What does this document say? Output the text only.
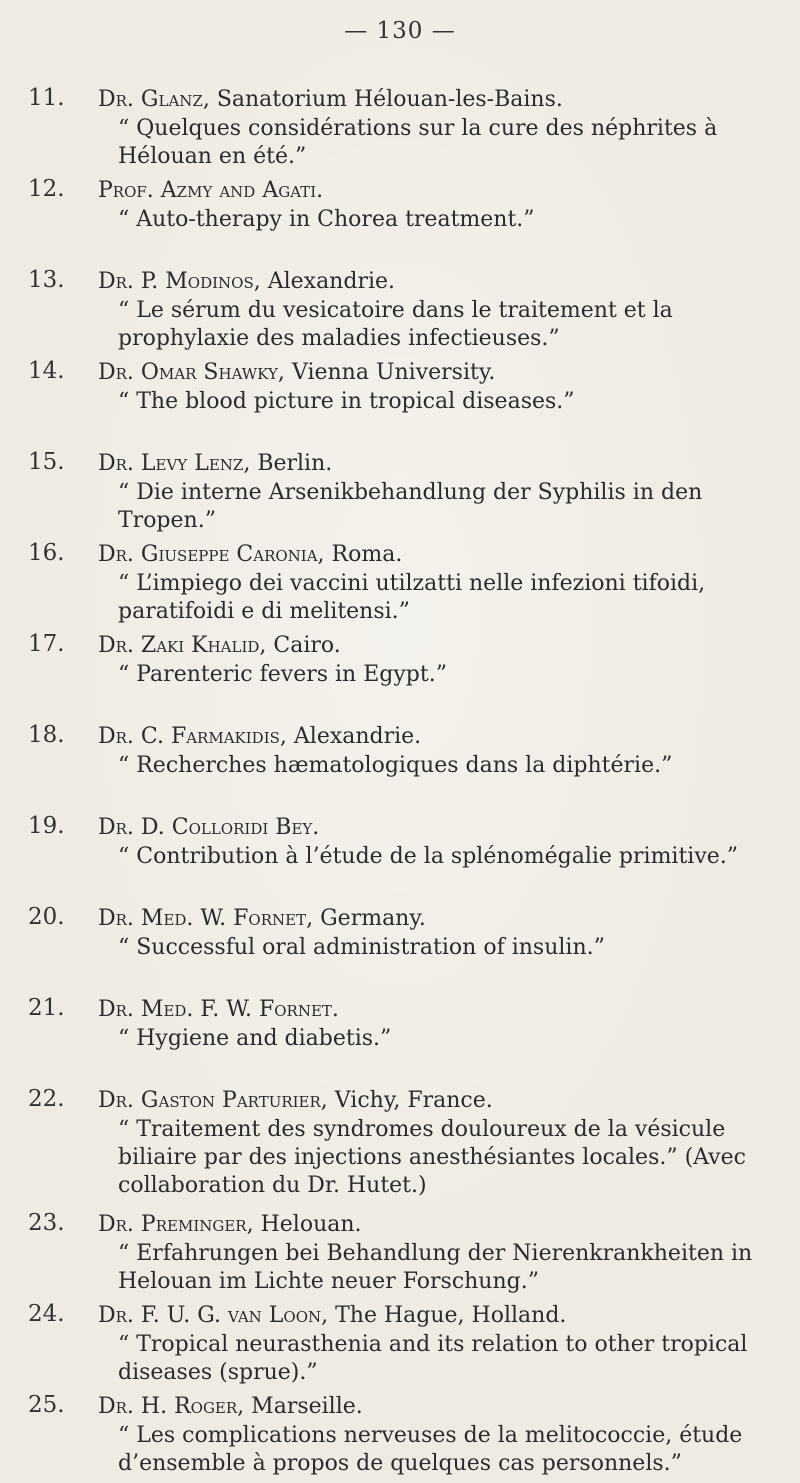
— 130 —
11. Dr. Glanz, Sanatorium Hélouan-les-Bains.
“ Quelques considérations sur la cure des néphrites à Hélouan en été.”
12. Prof. Azmy and Agati.
“ Auto-therapy in Chorea treatment.”
13. Dr. P. Modinos, Alexandrie.
“ Le sérum du vesicatoire dans le traitement et la prophylaxie des maladies infectieuses.”
14. Dr. Omar Shawky, Vienna University.
“ The blood picture in tropical diseases.”
15. Dr. Levy Lenz, Berlin.
“ Die interne Arsenikbehandlung der Syphilis in den Tropen.”
16. Dr. Giuseppe Caronia, Roma.
“ L’impiego dei vaccini utilzatti nelle infezioni tifoidi, paratifoidi e di melitensi.”
17. Dr. Zaki Khalid, Cairo.
“ Parenteric fevers in Egypt.”
18. Dr. C. Farmakidis, Alexandrie.
“ Recherches hæmatologiques dans la diphtérie.”
19. Dr. D. Colloridi Bey.
“ Contribution à l’étude de la splénomégalie primitive.”
20. Dr. Med. W. Fornet, Germany.
“ Successful oral administration of insulin.”
21. Dr. Med. F. W. Fornet.
“ Hygiene and diabetis.”
22. Dr. Gaston Parturier, Vichy, France.
“ Traitement des syndromes douloureux de la vésicule biliaire par des injections anesthésiantes locales.” (Avec collaboration du Dr. Hutet.)
23. Dr. Preminger, Helouan.
“ Erfahrungen bei Behandlung der Nierenkrankheiten in Helouan im Lichte neuer Forschung.”
24. Dr. F. U. G. van Loon, The Hague, Holland.
“ Tropical neurasthenia and its relation to other tropical diseases (sprue).”
25. Dr. H. Roger, Marseille.
“ Les complications nerveuses de la melitococcie, étude d’ensemble à propos de quelques cas personnels.”
